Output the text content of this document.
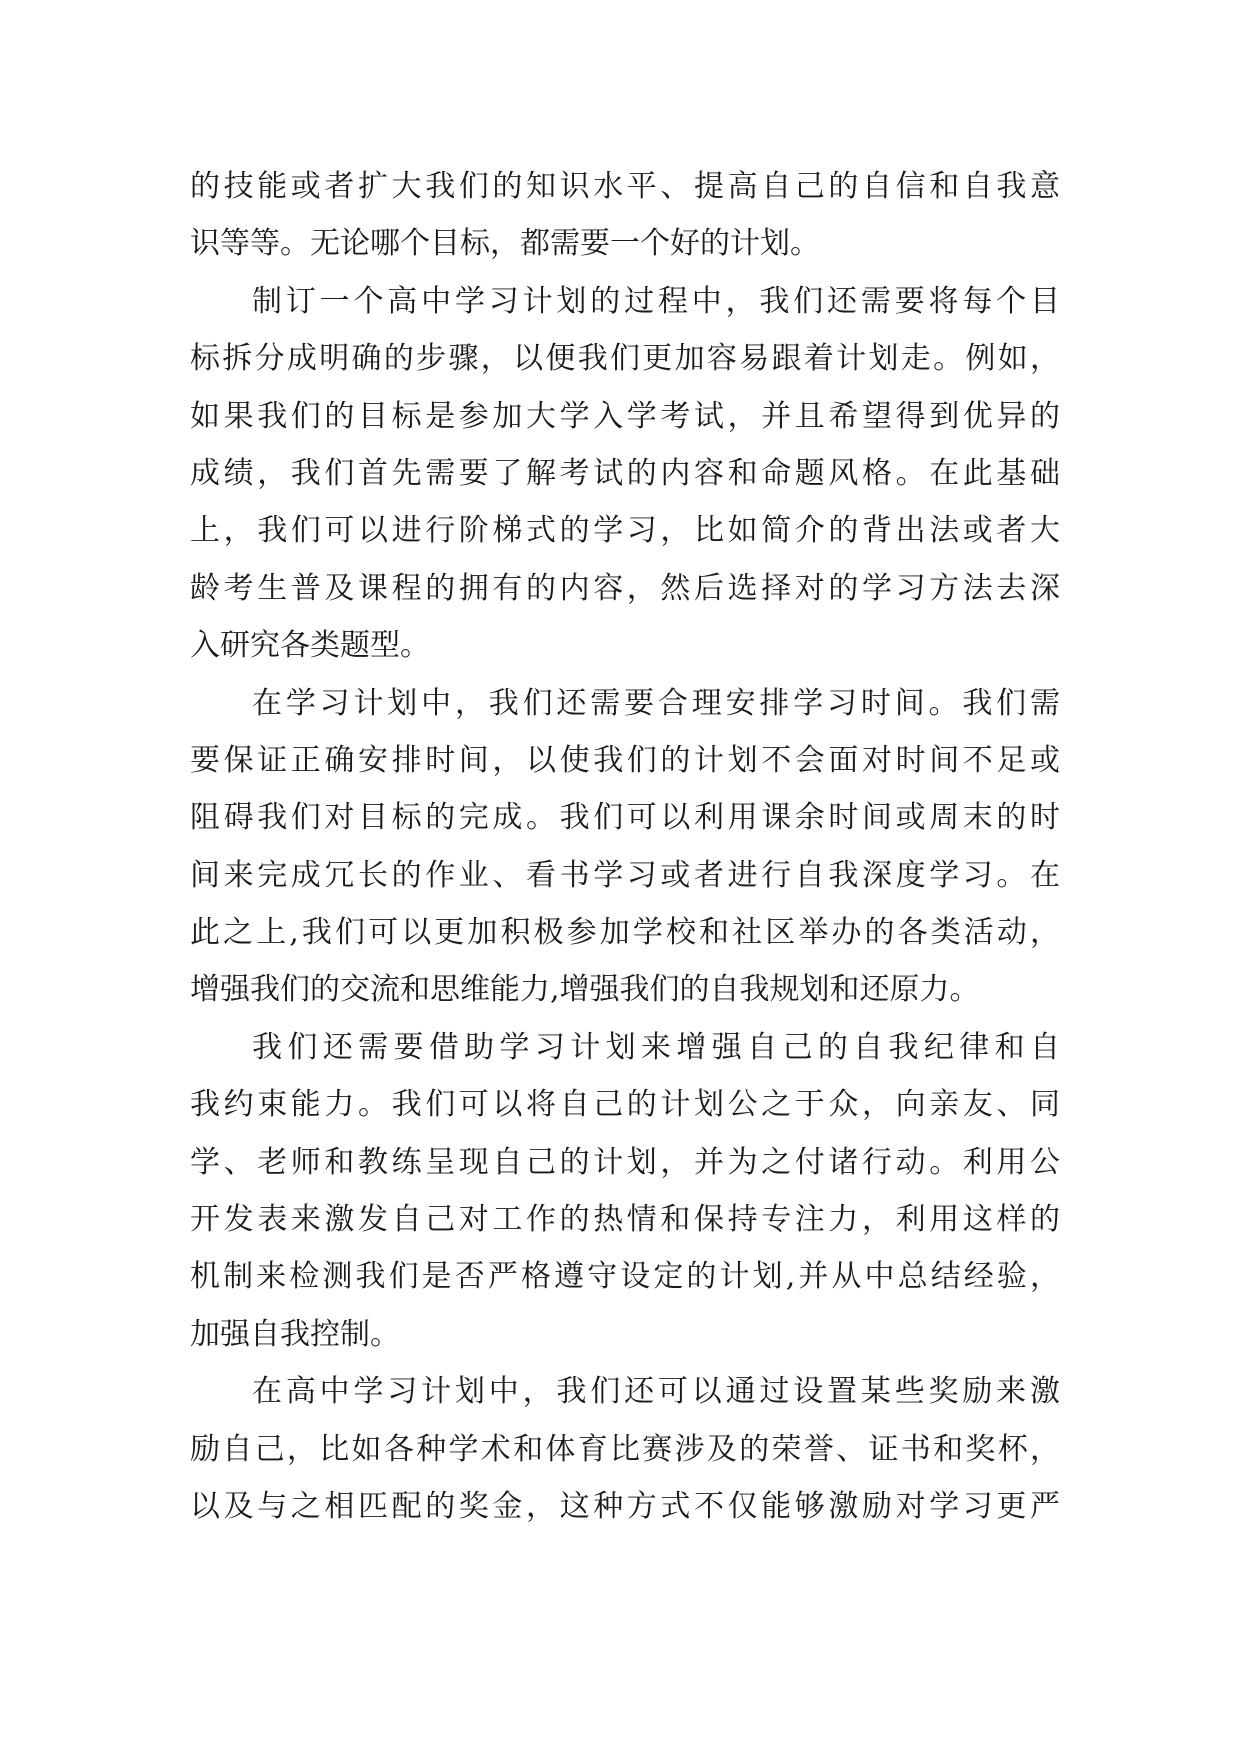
的技能或者扩大我们的知识水平、提高自己的自信和自我意
识等等。无论哪个目标，都需要一个好的计划。
制订一个高中学习计划的过程中，我们还需要将每个目
标拆分成明确的步骤，以便我们更加容易跟着计划走。例如，
如果我们的目标是参加大学入学考试，并且希望得到优异的
成绩，我们首先需要了解考试的内容和命题风格。在此基础
上，我们可以进行阶梯式的学习，比如简介的背出法或者大
龄考生普及课程的拥有的内容，然后选择对的学习方法去深
入研究各类题型。
在学习计划中，我们还需要合理安排学习时间。我们需
要保证正确安排时间，以使我们的计划不会面对时间不足或
阻碍我们对目标的完成。我们可以利用课余时间或周末的时
间来完成冗长的作业、看书学习或者进行自我深度学习。在
此之上,我们可以更加积极参加学校和社区举办的各类活动，
增强我们的交流和思维能力,增强我们的自我规划和还原力。
我们还需要借助学习计划来增强自己的自我纪律和自
我约束能力。我们可以将自己的计划公之于众，向亲友、同
学、老师和教练呈现自己的计划，并为之付诸行动。利用公
开发表来激发自己对工作的热情和保持专注力，利用这样的
机制来检测我们是否严格遵守设定的计划,并从中总结经验，
加强自我控制。
在高中学习计划中，我们还可以通过设置某些奖励来激
励自己，比如各种学术和体育比赛涉及的荣誉、证书和奖杯，
以及与之相匹配的奖金，这种方式不仅能够激励对学习更严
